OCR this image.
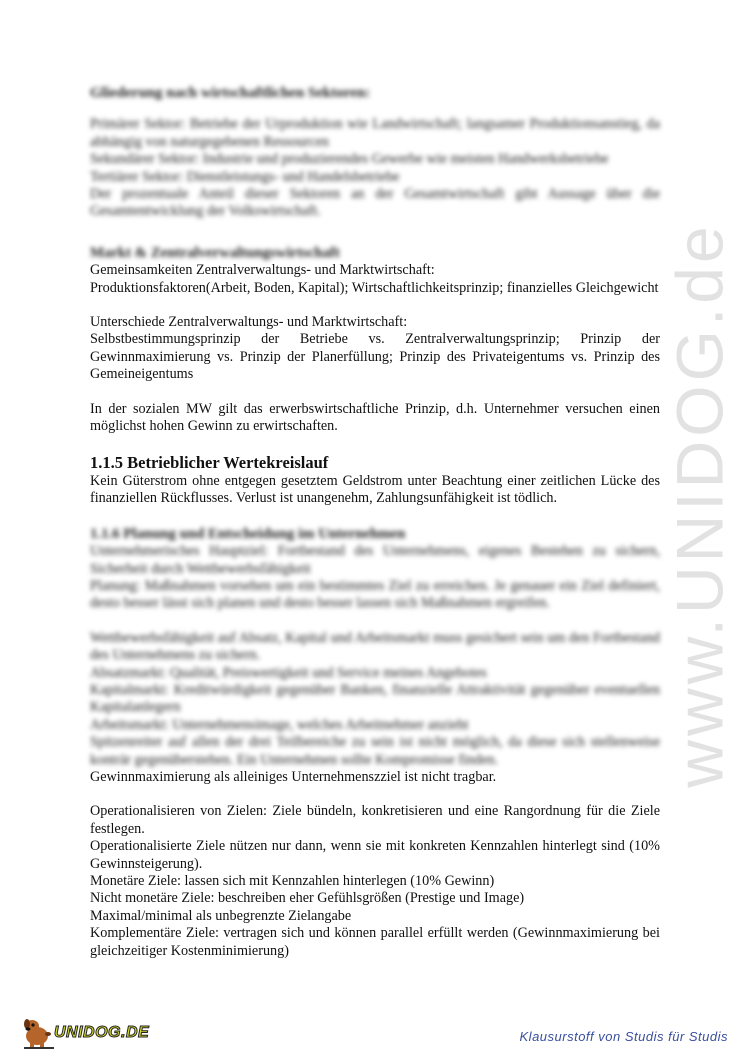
www.UNIDOG.de
Gliederung nach wirtschaftlichen Sektoren:

Primärer Sektor: Betriebe der Urproduktion wie Landwirtschaft; langsamer Produktionsanstieg, da abhängig von naturgegebenen Ressourcen

Sekundärer Sektor: Industrie und produzierendes Gewerbe wie meisten Handwerksbetriebe

Tertiärer Sektor: Dienstleistungs- und Handelsbetriebe

Der prozentuale Anteil dieser Sektoren an der Gesamtwirtschaft gibt Aussage über die Gesamtentwicklung der Volkswirtschaft.

Markt & Zentralverwaltungswirtschaft

Gemeinsamkeiten Zentralverwaltungs- und Marktwirtschaft:

Produktionsfaktoren(Arbeit, Boden, Kapital); Wirtschaftlichkeitsprinzip; finanzielles Gleichgewicht

Unterschiede Zentralverwaltungs- und Marktwirtschaft:

Selbstbestimmungsprinzip der Betriebe vs. Zentralverwaltungsprinzip; Prinzip der Gewinnmaximierung vs. Prinzip der Planerfüllung; Prinzip des Privateigentums vs. Prinzip des Gemeineigentums

In der sozialen MW gilt das erwerbswirtschaftliche Prinzip, d.h. Unternehmer versuchen einen möglichst hohen Gewinn zu erwirtschaften.

1.1.5 Betrieblicher Wertekreislauf

Kein Güterstrom ohne entgegen gesetztem Geldstrom unter Beachtung einer zeitlichen Lücke des finanziellen Rückflusses. Verlust ist unangenehm, Zahlungsunfähigkeit ist tödlich.

1.1.6 Planung und Entscheidung im Unternehmen

Unternehmerisches Hauptziel: Fortbestand des Unternehmens, eigenes Bestehen zu sichern, Sicherheit durch Wettbewerbsfähigkeit

Planung: Maßnahmen vorsehen um ein bestimmtes Ziel zu erreichen. Je genauer ein Ziel definiert, desto besser lässt sich planen und desto besser lassen sich Maßnahmen ergreifen.

Wettbewerbsfähigkeit auf Absatz, Kapital und Arbeitsmarkt muss gesichert sein um den Fortbestand des Unternehmens zu sichern.

Absatzmarkt: Qualität, Preiswertigkeit und Service meines Angebotes

Kapitalmarkt: Kreditwürdigkeit gegenüber Banken, finanzielle Attraktivität gegenüber eventuellen Kapitalanlegern

Arbeitsmarkt: Unternehmensimage, welches Arbeitnehmer anzieht

Spitzenreiter auf allen der drei Teilbereiche zu sein ist nicht möglich, da diese sich stellenweise konträr gegenüberstehen. Ein Unternehmen sollte Kompromisse finden.

Gewinnmaximierung als alleiniges Unternehmenszziel ist nicht tragbar.

Operationalisieren von Zielen: Ziele bündeln, konkretisieren und eine Rangordnung für die Ziele festlegen.

Operationalisierte Ziele nützen nur dann, wenn sie mit konkreten Kennzahlen hinterlegt sind (10% Gewinnsteigerung).

Monetäre Ziele: lassen sich mit Kennzahlen hinterlegen (10% Gewinn)

Nicht monetäre Ziele: beschreiben eher Gefühlsgrößen (Prestige und Image)

Maximal/minimal als unbegrenzte Zielangabe

Komplementäre Ziele: vertragen sich und können parallel erfüllt werden (Gewinnmaximierung bei gleichzeitiger Kostenminimierung)

UNIDOG.DE	Klausurstoff von Studis für Studis
